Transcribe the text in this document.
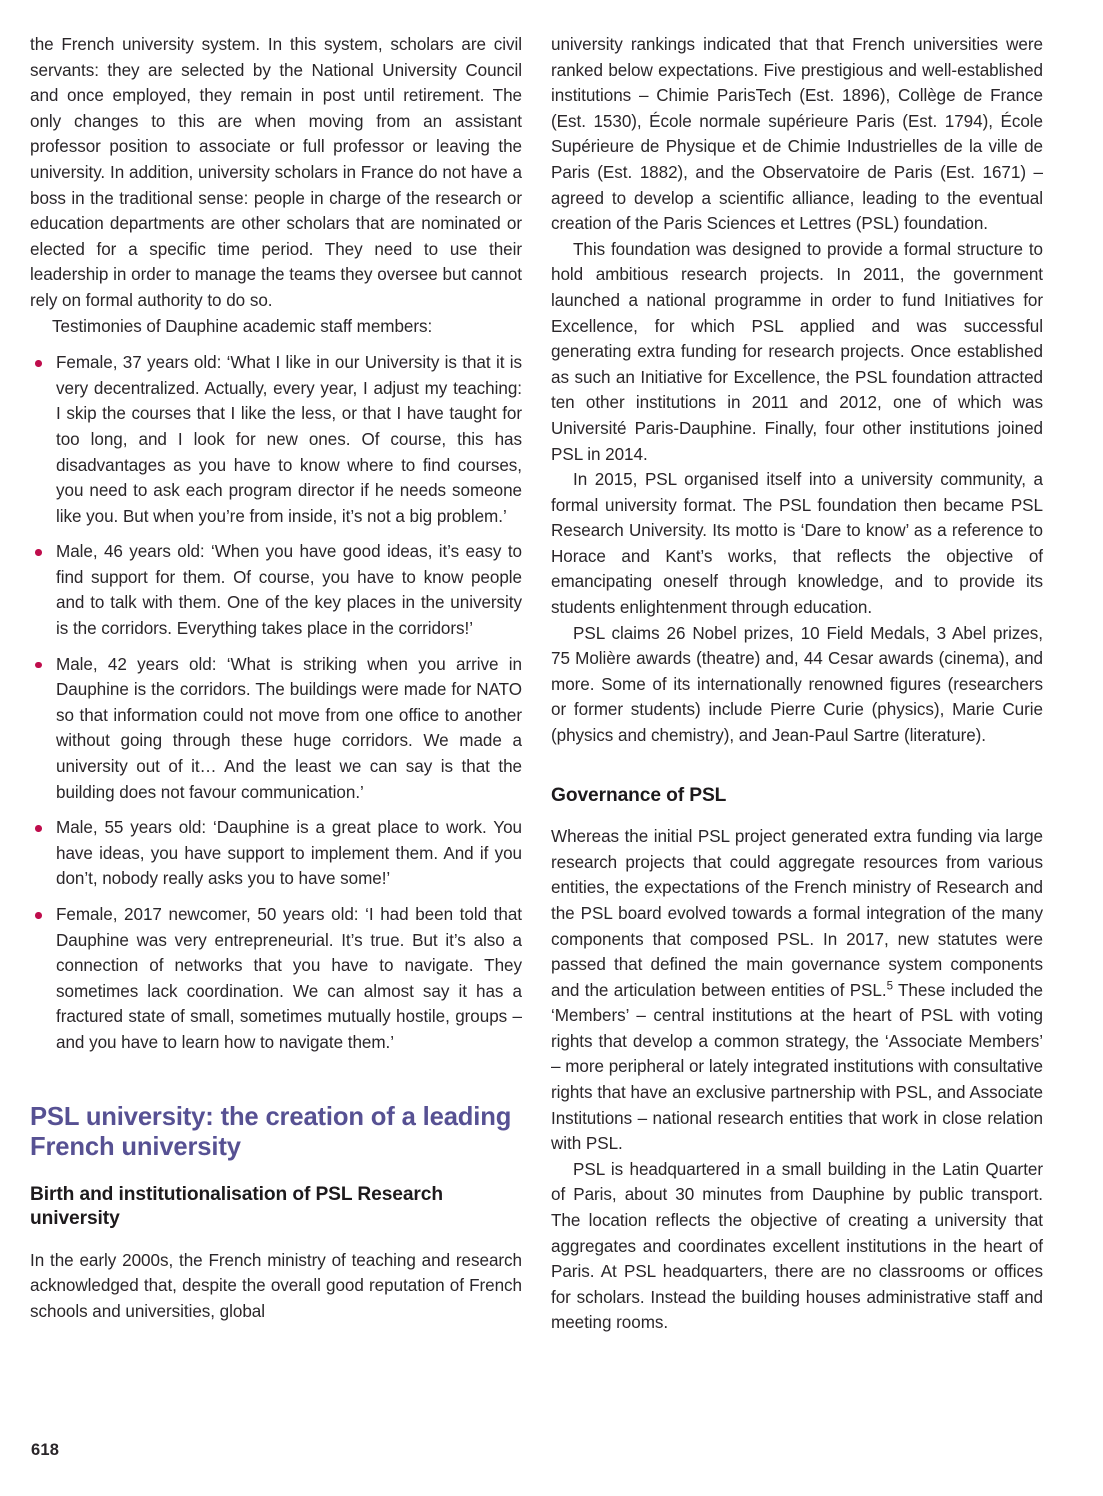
the French university system. In this system, scholars are civil servants: they are selected by the National University Council and once employed, they remain in post until retirement. The only changes to this are when moving from an assistant professor position to associate or full professor or leaving the university. In addition, university scholars in France do not have a boss in the traditional sense: people in charge of the research or education departments are other scholars that are nominated or elected for a specific time period. They need to use their leadership in order to manage the teams they oversee but cannot rely on formal authority to do so.

Testimonies of Dauphine academic staff members:

Female, 37 years old: ‘What I like in our University is that it is very decentralized. Actually, every year, I adjust my teaching: I skip the courses that I like the less, or that I have taught for too long, and I look for new ones. Of course, this has disadvantages as you have to know where to find courses, you need to ask each program director if he needs someone like you. But when you’re from inside, it’s not a big problem.’
Male, 46 years old: ‘When you have good ideas, it’s easy to find support for them. Of course, you have to know people and to talk with them. One of the key places in the university is the corridors. Everything takes place in the corridors!’
Male, 42 years old: ‘What is striking when you arrive in Dauphine is the corridors. The buildings were made for NATO so that information could not move from one office to another without going through these huge corridors. We made a university out of it… And the least we can say is that the building does not favour communication.’
Male, 55 years old: ‘Dauphine is a great place to work. You have ideas, you have support to implement them. And if you don’t, nobody really asks you to have some!’
Female, 2017 newcomer, 50 years old: ‘I had been told that Dauphine was very entrepreneurial. It’s true. But it’s also a connection of networks that you have to navigate. They sometimes lack coordination. We can almost say it has a fractured state of small, sometimes mutually hostile, groups – and you have to learn how to navigate them.’
PSL university: the creation of a leading French university
Birth and institutionalisation of PSL Research university

In the early 2000s, the French ministry of teaching and research acknowledged that, despite the overall good reputation of French schools and universities, global

university rankings indicated that that French universities were ranked below expectations. Five prestigious and well-established institutions – Chimie ParisTech (Est. 1896), Collège de France (Est. 1530), École normale supérieure Paris (Est. 1794), École Supérieure de Physique et de Chimie Industrielles de la ville de Paris (Est. 1882), and the Observatoire de Paris (Est. 1671) – agreed to develop a scientific alliance, leading to the eventual creation of the Paris Sciences et Lettres (PSL) foundation.

This foundation was designed to provide a formal structure to hold ambitious research projects. In 2011, the government launched a national programme in order to fund Initiatives for Excellence, for which PSL applied and was successful generating extra funding for research projects. Once established as such an Initiative for Excellence, the PSL foundation attracted ten other institutions in 2011 and 2012, one of which was Université Paris-Dauphine. Finally, four other institutions joined PSL in 2014.

In 2015, PSL organised itself into a university community, a formal university format. The PSL foundation then became PSL Research University. Its motto is ‘Dare to know’ as a reference to Horace and Kant’s works, that reflects the objective of emancipating oneself through knowledge, and to provide its students enlightenment through education.

PSL claims 26 Nobel prizes, 10 Field Medals, 3 Abel prizes, 75 Molière awards (theatre) and, 44 Cesar awards (cinema), and more. Some of its internationally renowned figures (researchers or former students) include Pierre Curie (physics), Marie Curie (physics and chemistry), and Jean-Paul Sartre (literature).

Governance of PSL

Whereas the initial PSL project generated extra funding via large research projects that could aggregate resources from various entities, the expectations of the French ministry of Research and the PSL board evolved towards a formal integration of the many components that composed PSL. In 2017, new statutes were passed that defined the main governance system components and the articulation between entities of PSL.$^5$ These included the ‘Members’ – central institutions at the heart of PSL with voting rights that develop a common strategy, the ‘Associate Members’ – more peripheral or lately integrated institutions with consultative rights that have an exclusive partnership with PSL, and Associate Institutions – national research entities that work in close relation with PSL.

PSL is headquartered in a small building in the Latin Quarter of Paris, about 30 minutes from Dauphine by public transport. The location reflects the objective of creating a university that aggregates and coordinates excellent institutions in the heart of Paris. At PSL headquarters, there are no classrooms or offices for scholars. Instead the building houses administrative staff and meeting rooms.

618
